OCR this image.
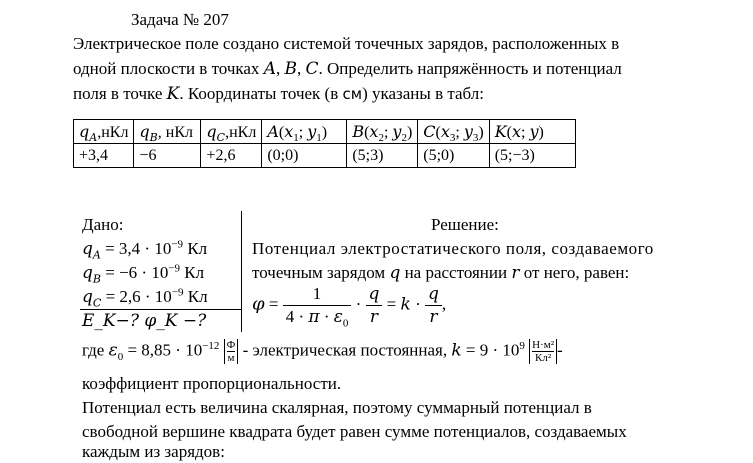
Задача № 207
Электрическое поле создано системой точечных зарядов, расположенных в
одной плоскости в точках A, B, C. Определить напряжённость и потенциал
поля в точке K. Координаты точек (в см) указаны в табл:
$q_A,нКл$	$q_B$, нКл	$q_C,нКл$	$A(x_1$; $y_1$)	$B(x_2$; $y_2$)	$C(x_3$; $y_3$)	K(x; y)
+3,4	−6	+2,6	(0;0)	(5;3)	(5;0)	(5;−3)
Дано:
$q_A = 3,4 \cdot 10^{-9}$ Кл
$q_B = -6 \cdot 10^{-9}$ Кл
$q_C = 2,6 \cdot 10^{-9}$ Кл
E_K−? φ_K −?
Решение:
Потенциал электростатического поля, создаваемого
точечным зарядом q на расстоянии r от него, равен:
$\varphi = \frac{1}{4 \cdot \pi \cdot \varepsilon_0} \cdot \frac{q}{r} = k \cdot \frac{q}{r}$ ,
где $\varepsilon_0 = 8,85 \cdot 10^{-12}$ Ф
м - электрическая постоянная, $k = 9 \cdot 10^9$ Н·м²
Кл² -
коэффициент пропорциональности.
Потенциал есть величина скалярная, поэтому суммарный потенциал в
свободной вершине квадрата будет равен сумме потенциалов, создаваемых
каждым из зарядов:
